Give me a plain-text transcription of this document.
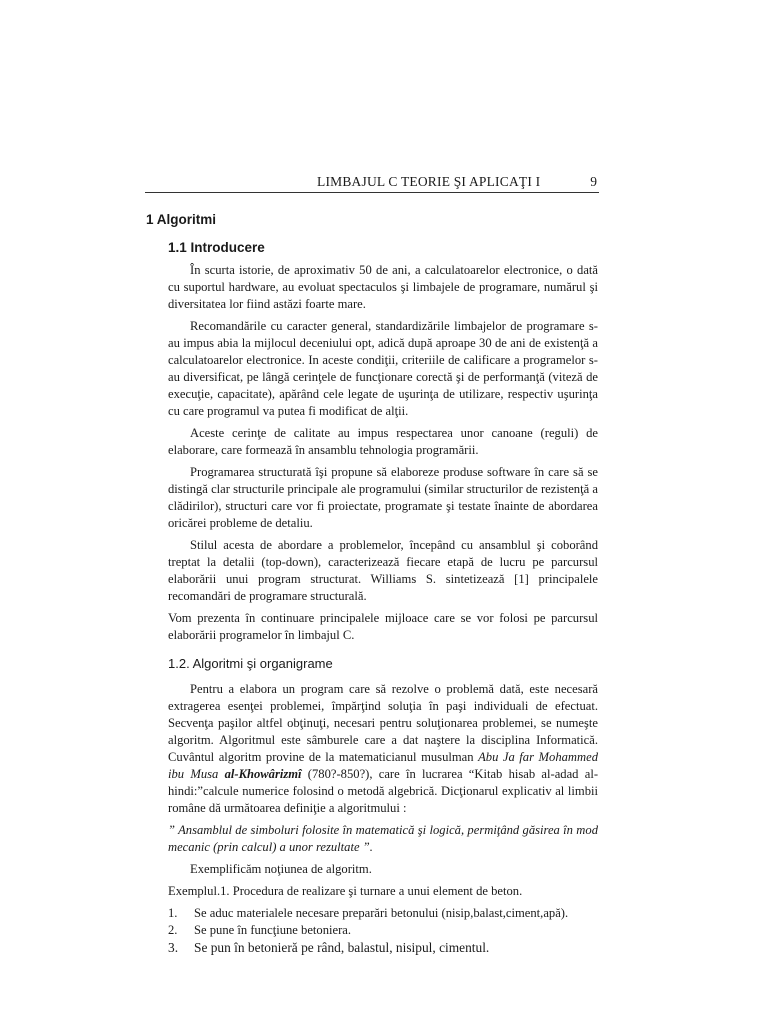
LIMBAJUL C TEORIE ŞI APLICAŢI I	9
1 Algoritmi
1.1 Introducere

În scurta istorie, de aproximativ 50 de ani, a calculatoarelor electronice, o dată cu suportul hardware, au evoluat spectaculos şi limbajele de programare, numărul şi diversitatea lor fiind astăzi foarte mare.

Recomandările cu caracter general, standardizările limbajelor de programare s-au impus abia la mijlocul deceniului opt, adică după aproape 30 de ani de existenţă a calculatoarelor electronice. In aceste condiţii, criteriile de calificare a programelor s-au diversificat, pe lângă cerinţele de funcţionare corectă şi de performanţă (viteză de execuţie, capacitate), apărând cele legate de uşurinţa de utilizare, respectiv uşurinţa cu care programul va putea fi modificat de alţii.

Aceste cerinţe de calitate au impus respectarea unor canoane (reguli) de elaborare, care formează în ansamblu tehnologia programării.

Programarea structurată îşi propune să elaboreze produse software în care să se distingă clar structurile principale ale programului (similar structurilor de rezistenţă a clădirilor), structuri care vor fi proiectate, programate şi testate înainte de abordarea oricărei probleme de detaliu.

Stilul acesta de abordare a problemelor, începând cu ansamblul şi coborând treptat la detalii (top-down), caracterizează fiecare etapă de lucru pe parcursul elaborării unui program structurat. Williams S. sintetizează [1] principalele recomandări de programare structurală.

Vom prezenta în continuare principalele mijloace care se vor folosi pe parcursul elaborării programelor în limbajul C.

1.2. Algoritmi şi organigrame

Pentru a elabora un program care să rezolve o problemă dată, este necesară extragerea esenţei problemei, împărţind soluţia în paşi individuali de efectuat. Secvenţa paşilor altfel obţinuţi, necesari pentru soluţionarea problemei, se numeşte algoritm. Algoritmul este sâmburele care a dat naştere la disciplina Informatică. Cuvântul algoritm provine de la matematicianul musulman Abu Ja far Mohammed ibu Musa al-Khowârizmî (780?-850?), care în lucrarea “Kitab hisab al-adad al-hindi:”calcule numerice folosind o metodă algebrică. Dicţionarul explicativ al limbii române dă următoarea definiţie a algoritmului :

” Ansamblul de simboluri folosite în matematică şi logică, permiţând găsirea în mod mecanic (prin calcul) a unor rezultate ”.

Exemplificăm noţiunea de algoritm.

Exemplul.1. Procedura de realizare şi turnare a unui element de beton.

1.	Se aduc materialele necesare preparări betonului (nisip,balast,ciment,apă).
2.	Se pune în funcţiune betoniera.
3.	Se pun în betonieră pe rând, balastul, nisipul, cimentul.
